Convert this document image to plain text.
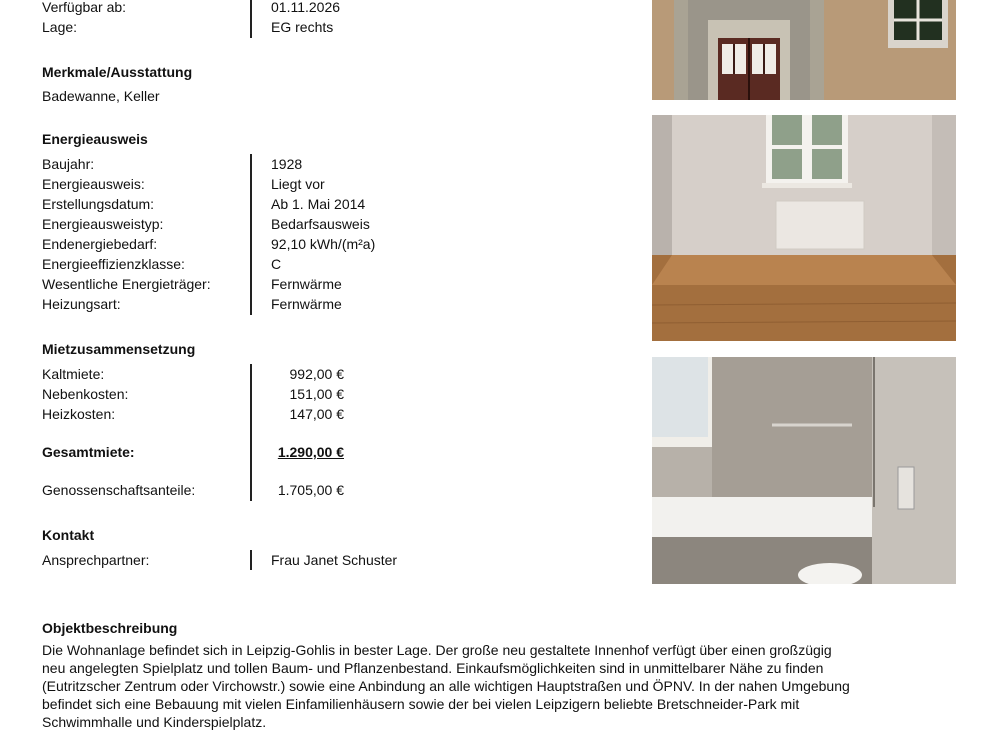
Verfügbar ab:	01.11.2026
Lage:	EG rechts
Merkmale/Ausstattung
Badewanne, Keller
Energieausweis
Baujahr:	1928
Energieausweis:	Liegt vor
Erstellungsdatum:	Ab 1. Mai 2014
Energieausweistyp:	Bedarfsausweis
Endenergiebedarf:	92,10 kWh/(m²a)
Energieeffizienzklasse:	C
Wesentliche Energieträger:	Fernwärme
Heizungsart:	Fernwärme
Mietzusammensetzung
Kaltmiete:	992,00 €
Nebenkosten:	151,00 €
Heizkosten:	147,00 €
Gesamtmiete:	1.290,00 €
Genossenschaftsanteile:	1.705,00 €
Kontakt
Ansprechpartner:	Frau Janet Schuster
Objektbeschreibung
Die Wohnanlage befindet sich in Leipzig-Gohlis in bester Lage. Der große neu gestaltete Innenhof verfügt über einen großzügig
neu angelegten Spielplatz und tollen Baum- und Pflanzenbestand. Einkaufsmöglichkeiten sind in unmittelbarer Nähe zu finden
(Eutritzscher Zentrum oder Virchowstr.) sowie eine Anbindung an alle wichtigen Hauptstraßen und ÖPNV. In der nahen Umgebung
befindet sich eine Bebauung mit vielen Einfamilienhäusern sowie der bei vielen Leipzigern beliebte Bretschneider-Park mit
Schwimmhalle und Kinderspielplatz.
